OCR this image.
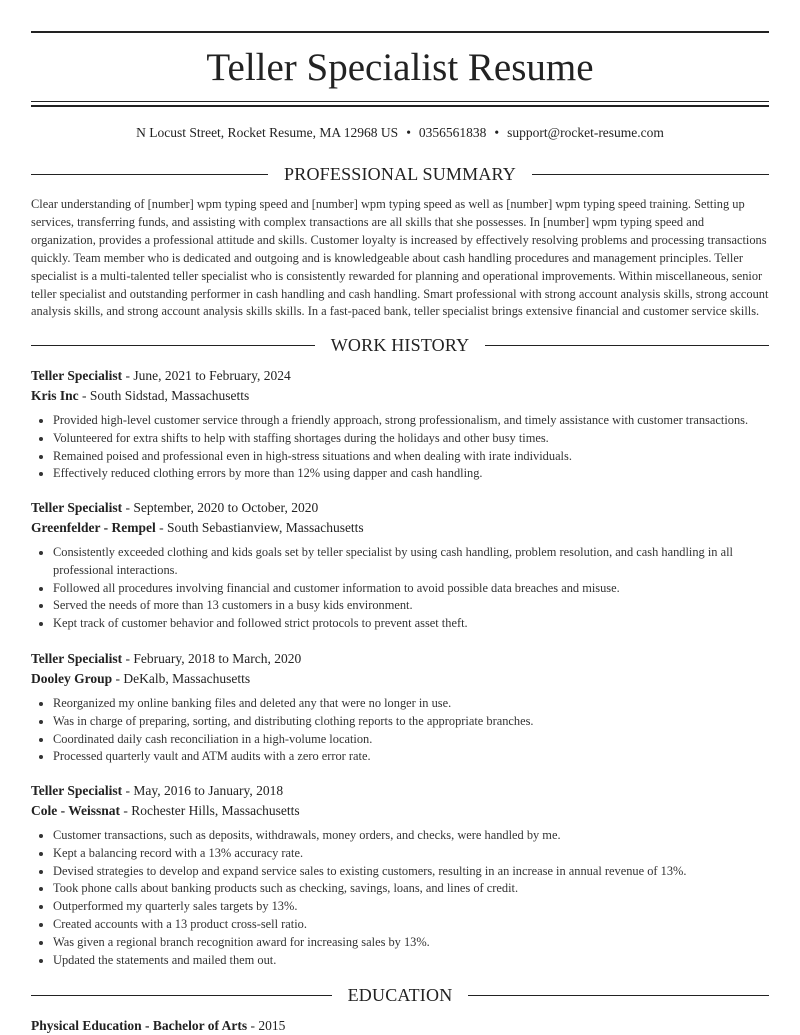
Teller Specialist Resume
N Locust Street, Rocket Resume, MA 12968 US • 0356561838 • support@rocket-resume.com
PROFESSIONAL SUMMARY

Clear understanding of [number] wpm typing speed and [number] wpm typing speed as well as [number] wpm typing speed training. Setting up services, transferring funds, and assisting with complex transactions are all skills that she possesses. In [number] wpm typing speed and organization, provides a professional attitude and skills. Customer loyalty is increased by effectively resolving problems and processing transactions quickly. Team member who is dedicated and outgoing and is knowledgeable about cash handling procedures and management principles. Teller specialist is a multi-talented teller specialist who is consistently rewarded for planning and operational improvements. Within miscellaneous, senior teller specialist and outstanding performer in cash handling and cash handling. Smart professional with strong account analysis skills, strong account analysis skills, and strong account analysis skills skills. In a fast-paced bank, teller specialist brings extensive financial and customer service skills.

WORK HISTORY

Teller Specialist - June, 2021 to February, 2024

Kris Inc - South Sidstad, Massachusetts

• Provided high-level customer service through a friendly approach, strong professionalism, and timely assistance with customer transactions.
• Volunteered for extra shifts to help with staffing shortages during the holidays and other busy times.
• Remained poised and professional even in high-stress situations and when dealing with irate individuals.
• Effectively reduced clothing errors by more than 12% using dapper and cash handling.

Teller Specialist - September, 2020 to October, 2020

Greenfelder - Rempel - South Sebastianview, Massachusetts

• Consistently exceeded clothing and kids goals set by teller specialist by using cash handling, problem resolution, and cash handling in all professional interactions.
• Followed all procedures involving financial and customer information to avoid possible data breaches and misuse.
• Served the needs of more than 13 customers in a busy kids environment.
• Kept track of customer behavior and followed strict protocols to prevent asset theft.

Teller Specialist - February, 2018 to March, 2020

Dooley Group - DeKalb, Massachusetts

• Reorganized my online banking files and deleted any that were no longer in use.
• Was in charge of preparing, sorting, and distributing clothing reports to the appropriate branches.
• Coordinated daily cash reconciliation in a high-volume location.
• Processed quarterly vault and ATM audits with a zero error rate.

Teller Specialist - May, 2016 to January, 2018

Cole - Weissnat - Rochester Hills, Massachusetts

• Customer transactions, such as deposits, withdrawals, money orders, and checks, were handled by me.
• Kept a balancing record with a 13% accuracy rate.
• Devised strategies to develop and expand service sales to existing customers, resulting in an increase in annual revenue of 13%.
• Took phone calls about banking products such as checking, savings, loans, and lines of credit.
• Outperformed my quarterly sales targets by 13%.
• Created accounts with a 13 product cross-sell ratio.
• Was given a regional branch recognition award for increasing sales by 13%.
• Updated the statements and mailed them out.
EDUCATION
Physical Education - Bachelor of Arts - 2015
